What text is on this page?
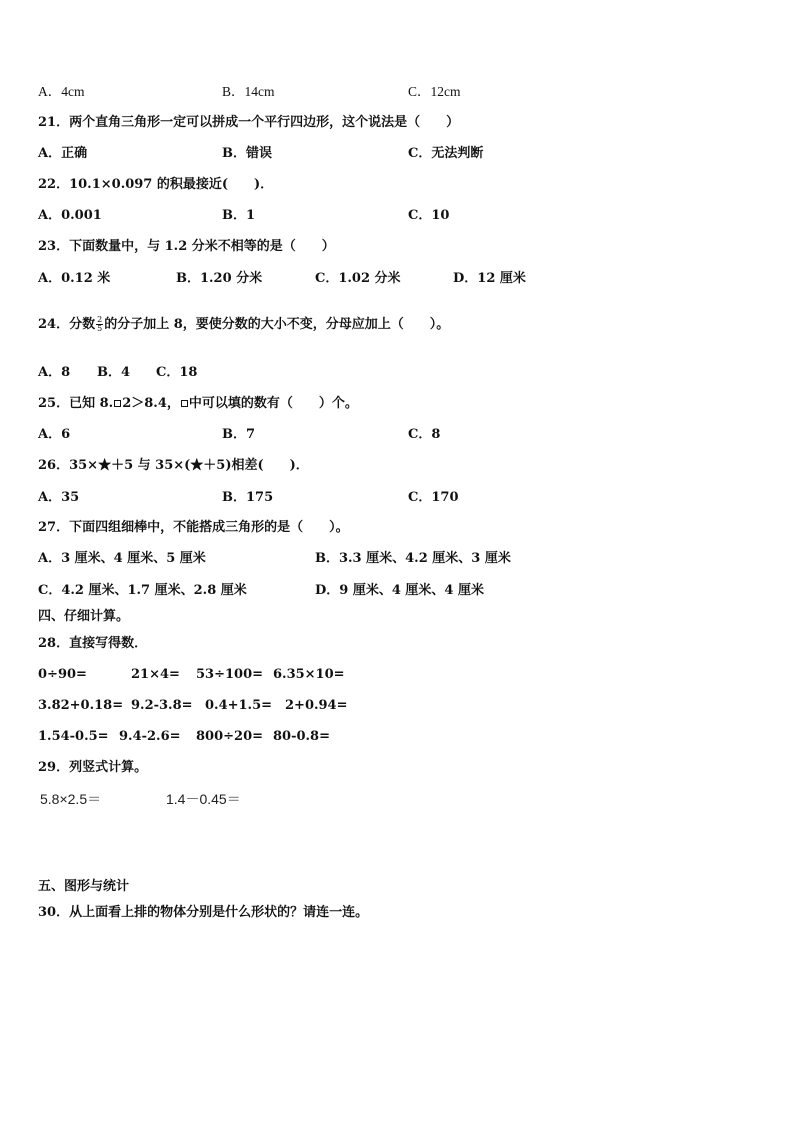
A．4cm	B．14cm	C．12cm
21．两个直角三角形一定可以拼成一个平行四边形，这个说法是（　　）
A．正确	B．错误	C．无法判断
22．10.1×0.097 的积最接近(　　)．
A．0.001	B．1	C．10
23．下面数量中，与 1.2 分米不相等的是（　　）
A．0.12 米	B．1.20 分米	C．1.02 分米	D．12 厘米
24．分数 $\frac{2}{5}$ 的分子加上 8，要使分数的大小不变，分母应加上（　　）。
A．8 B．4 C．18
25．已知 8. 2＞8.4， 中可以填的数有（　　）个。
A．6	B．7	C．8
26．35×★＋5 与 35×(★＋5)相差(　　)．
A．35	B．175	C．170
27．下面四组细棒中，不能搭成三角形的是（　　）。
A．3 厘米、4 厘米、5 厘米	B．3.3 厘米、4.2 厘米、3 厘米
C．4.2 厘米、1.7 厘米、2.8 厘米	D．9 厘米、4 厘米、4 厘米
四、仔细计算。
28．直接写得数．
0÷90=	21×4= 53÷100= 6.35×10=
3.82+0.18= 9.2-3.8= 0.4+1.5= 2+0.94=
1.54-0.5= 9.4-2.6= 800÷20= 80-0.8=
29．列竖式计算。
5.8×2.5＝	1.4－0.45＝
五、图形与统计
30．从上面看上排的物体分别是什么形状的？请连一连。
